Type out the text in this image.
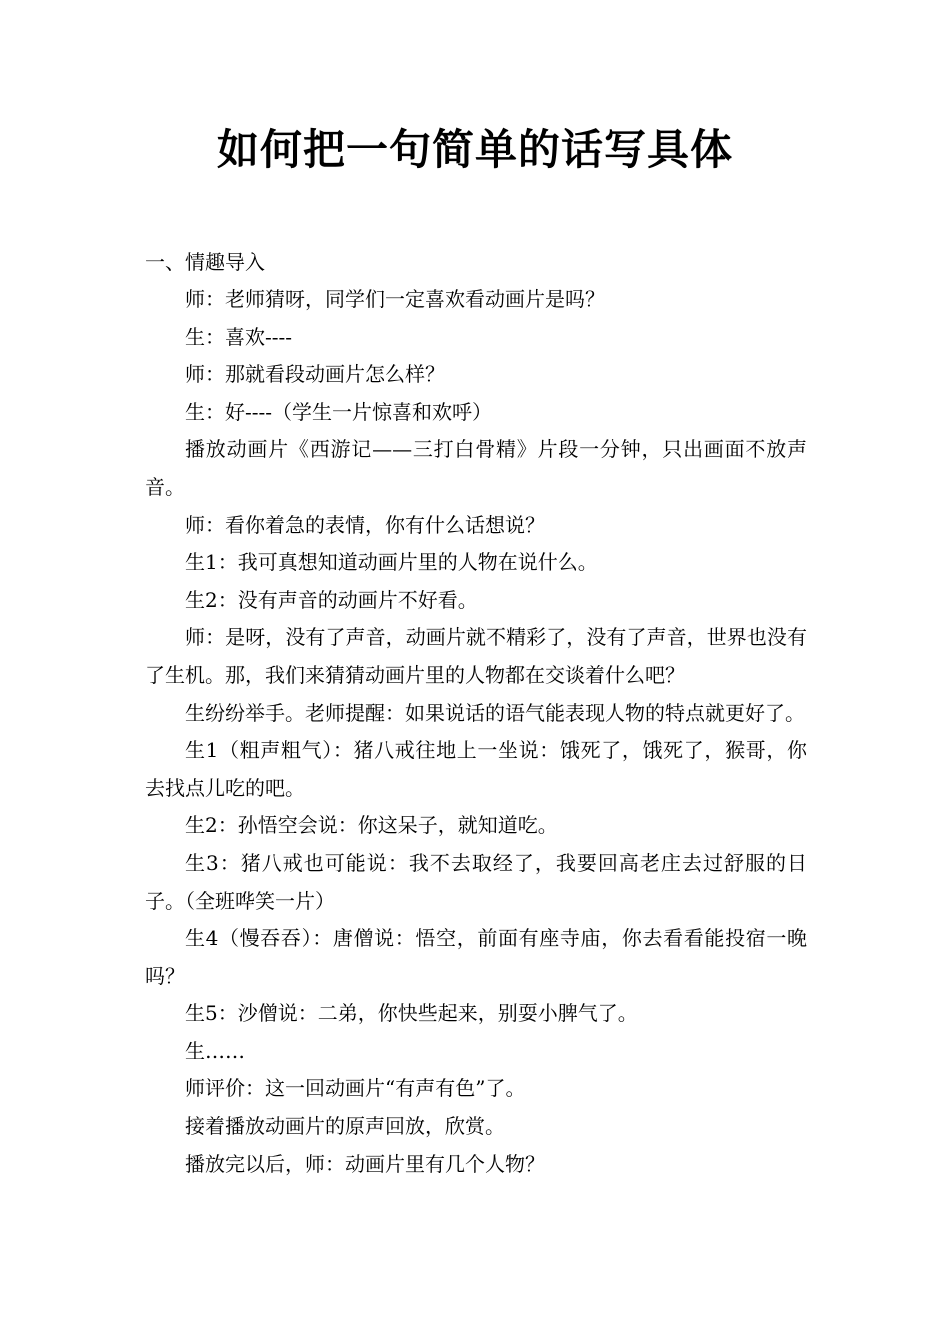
如何把一句简单的话写具体
一、情趣导入

师：老师猜呀，同学们一定喜欢看动画片是吗？

生：喜欢----

师：那就看段动画片怎么样？

生：好----（学生一片惊喜和欢呼）

播放动画片《西游记——三打白骨精》片段一分钟，只出画面不放声音。

师：看你着急的表情，你有什么话想说？

生1：我可真想知道动画片里的人物在说什么。

生2：没有声音的动画片不好看。

师：是呀，没有了声音，动画片就不精彩了，没有了声音，世界也没有了生机。那，我们来猜猜动画片里的人物都在交谈着什么吧？

生纷纷举手。老师提醒：如果说话的语气能表现人物的特点就更好了。

生1（粗声粗气）：猪八戒往地上一坐说：饿死了，饿死了，猴哥，你去找点儿吃的吧。

生2：孙悟空会说：你这呆子，就知道吃。

生3：猪八戒也可能说：我不去取经了，我要回高老庄去过舒服的日子。（全班哗笑一片）

生4（慢吞吞）：唐僧说：悟空，前面有座寺庙，你去看看能投宿一晚吗？

生5：沙僧说：二弟，你快些起来，别耍小脾气了。

生……

师评价：这一回动画片“有声有色”了。

接着播放动画片的原声回放，欣赏。

播放完以后，师：动画片里有几个人物？
